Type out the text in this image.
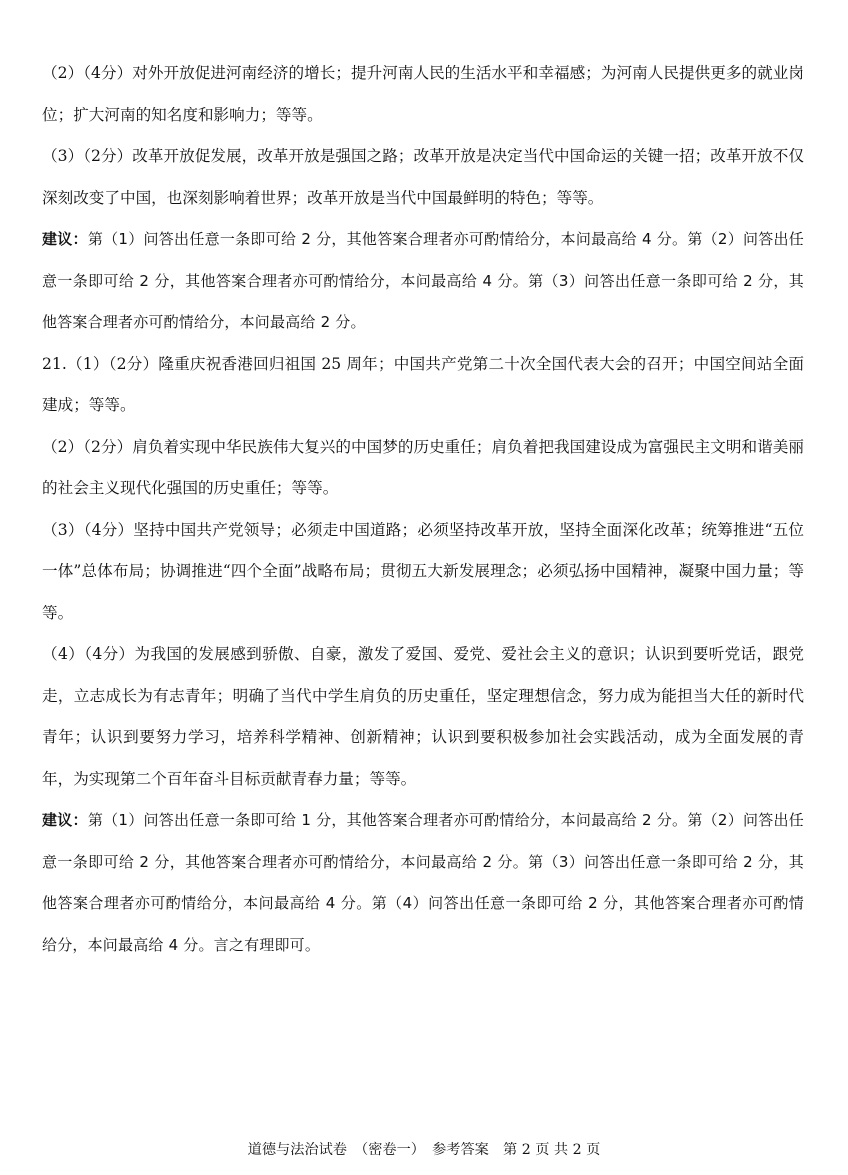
（2）（4分）对外开放促进河南经济的增长；提升河南人民的生活水平和幸福感；为河南人民提供更多的就业岗位；扩大河南的知名度和影响力；等等。

（3）（2分）改革开放促发展，改革开放是强国之路；改革开放是决定当代中国命运的关键一招；改革开放不仅深刻改变了中国，也深刻影响着世界；改革开放是当代中国最鲜明的特色；等等。

建议：第（1）问答出任意一条即可给 2 分，其他答案合理者亦可酌情给分，本问最高给 4 分。第（2）问答出任意一条即可给 2 分，其他答案合理者亦可酌情给分，本问最高给 4 分。第（3）问答出任意一条即可给 2 分，其他答案合理者亦可酌情给分，本问最高给 2 分。

21.（1）（2分）隆重庆祝香港回归祖国 25 周年；中国共产党第二十次全国代表大会的召开；中国空间站全面建成；等等。

（2）（2分）肩负着实现中华民族伟大复兴的中国梦的历史重任；肩负着把我国建设成为富强民主文明和谐美丽的社会主义现代化强国的历史重任；等等。

（3）（4分）坚持中国共产党领导；必须走中国道路；必须坚持改革开放，坚持全面深化改革；统筹推进“五位一体”总体布局；协调推进“四个全面”战略布局；贯彻五大新发展理念；必须弘扬中国精神，凝聚中国力量；等等。

（4）（4分）为我国的发展感到骄傲、自豪，激发了爱国、爱党、爱社会主义的意识；认识到要听党话，跟党走，立志成长为有志青年；明确了当代中学生肩负的历史重任，坚定理想信念，努力成为能担当大任的新时代青年；认识到要努力学习，培养科学精神、创新精神；认识到要积极参加社会实践活动，成为全面发展的青年，为实现第二个百年奋斗目标贡献青春力量；等等。

建议：第（1）问答出任意一条即可给 1 分，其他答案合理者亦可酌情给分，本问最高给 2 分。第（2）问答出任意一条即可给 2 分，其他答案合理者亦可酌情给分，本问最高给 2 分。第（3）问答出任意一条即可给 2 分，其他答案合理者亦可酌情给分，本问最高给 4 分。第（4）问答出任意一条即可给 2 分，其他答案合理者亦可酌情给分，本问最高给 4 分。言之有理即可。

道德与法治试卷　（密卷一）　参考答案　第 2 页 共 2 页
